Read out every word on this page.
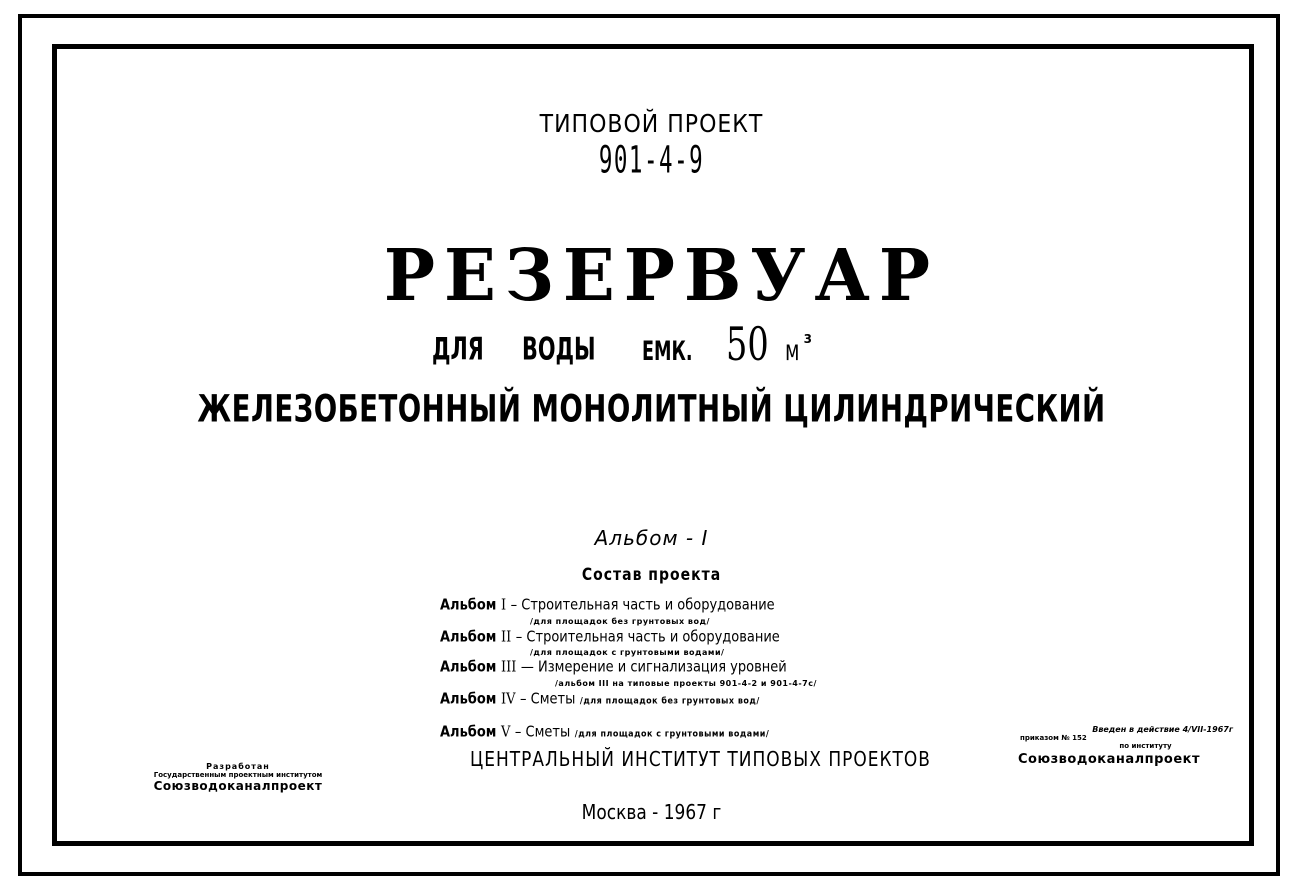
ТИПОВОЙ ПРОЕКТ
901-4-9
РЕЗЕРВУАР
ДЛЯ	ВОДЫ ЕМК. 50 м 3
ЖЕЛЕЗОБЕТОННЫЙ МОНОЛИТНЫЙ ЦИЛИНДРИЧЕСКИЙ
Альбом - I
Состав проекта
Альбом I – Строительная часть и оборудование
/для площадок без грунтовых вод/
Альбом II – Строительная часть и оборудование
/для площадок с грунтовыми водами/
Альбом III — Измерение и сигнализация уровней
/альбом III на типовые проекты 901-4-2 и 901-4-7с/
Альбом IV – Сметы /для площадок без грунтовых вод/
Альбом V – Сметы /для площадок с грунтовыми водами/
ЦЕНТРАЛЬНЫЙ ИНСТИТУТ ТИПОВЫХ ПРОЕКТОВ
Москва - 1967 г
Разработан
Государственным проектным институтом
Союзводоканалпроект
Введен в действие 4/VII-1967г
приказом № 152
по институту
Союзводоканалпроект
